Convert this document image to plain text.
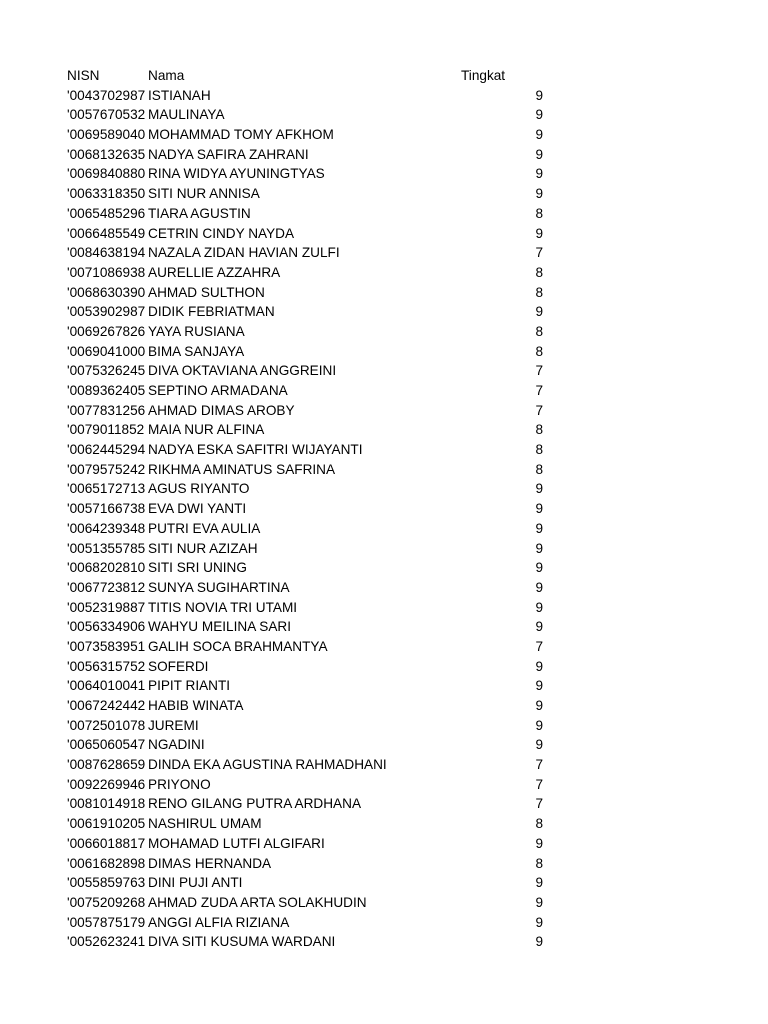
NISN	Nama	Tingkat
'0043702987 ISTIANAH	9
'0057670532 MAULINAYA	9
'0069589040 MOHAMMAD TOMY AFKHOM	9
'0068132635 NADYA SAFIRA ZAHRANI	9
'0069840880 RINA WIDYA AYUNINGTYAS	9
'0063318350 SITI NUR ANNISA	9
'0065485296 TIARA AGUSTIN	8
'0066485549 CETRIN CINDY NAYDA	9
'0084638194 NAZALA ZIDAN HAVIAN ZULFI	7
'0071086938 AURELLIE AZZAHRA	8
'0068630390 AHMAD SULTHON	8
'0053902987 DIDIK FEBRIATMAN	9
'0069267826 YAYA RUSIANA	8
'0069041000 BIMA SANJAYA	8
'0075326245 DIVA OKTAVIANA ANGGREINI	7
'0089362405 SEPTINO ARMADANA	7
'0077831256 AHMAD DIMAS AROBY	7
'0079011852 MAIA NUR ALFINA	8
'0062445294 NADYA ESKA SAFITRI WIJAYANTI	8
'0079575242 RIKHMA AMINATUS SAFRINA	8
'0065172713 AGUS RIYANTO	9
'0057166738 EVA DWI YANTI	9
'0064239348 PUTRI EVA AULIA	9
'0051355785 SITI NUR AZIZAH	9
'0068202810 SITI SRI UNING	9
'0067723812 SUNYA SUGIHARTINA	9
'0052319887 TITIS NOVIA TRI UTAMI	9
'0056334906 WAHYU MEILINA SARI	9
'0073583951 GALIH SOCA BRAHMANTYA	7
'0056315752 SOFERDI	9
'0064010041 PIPIT RIANTI	9
'0067242442 HABIB WINATA	9
'0072501078 JUREMI	9
'0065060547 NGADINI	9
'0087628659 DINDA EKA AGUSTINA RAHMADHANI	7
'0092269946 PRIYONO	7
'0081014918 RENO GILANG PUTRA ARDHANA	7
'0061910205 NASHIRUL UMAM	8
'0066018817 MOHAMAD LUTFI ALGIFARI	9
'0061682898 DIMAS HERNANDA	8
'0055859763 DINI PUJI ANTI	9
'0075209268 AHMAD ZUDA ARTA SOLAKHUDIN	9
'0057875179 ANGGI ALFIA RIZIANA	9
'0052623241 DIVA SITI KUSUMA WARDANI	9
